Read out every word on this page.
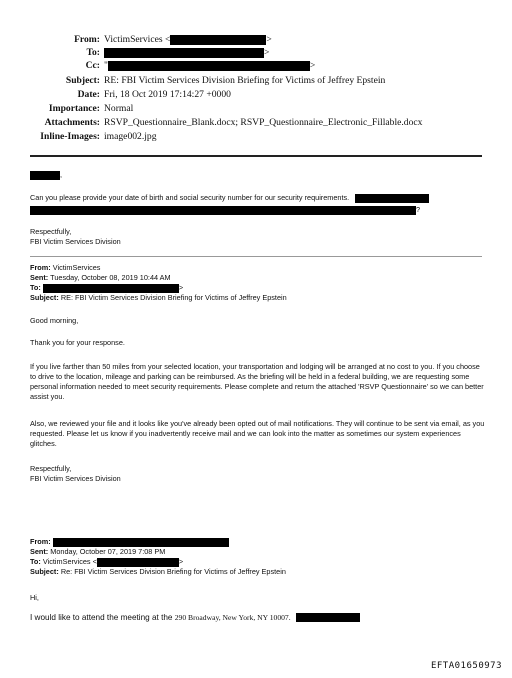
From: VictimServices <	>
To:	>
Cc: "	>
Subject: RE: FBI Victim Services Division Briefing for Victims of Jeffrey Epstein
Date: Fri, 18 Oct 2019 17:14:27 +0000
Importance: Normal
Attachments: RSVP_Questionnaire_Blank.docx; RSVP_Questionnaire_Electronic_Fillable.docx
Inline-Images: image002.jpg
,
Can you please provide your date of birth and social security number for our security requirements.
?
Respectfully,
FBI Victim Services Division
From: VictimServices
Sent: Tuesday, October 08, 2019 10:44 AM
To:	>
Subject: RE: FBI Victim Services Division Briefing for Victims of Jeffrey Epstein
Good morning,
Thank you for your response.
If you live farther than 50 miles from your selected location, your transportation and lodging will be arranged at no cost to you. If you choose to drive to the location, mileage and parking can be reimbursed. As the briefing will be held in a federal building, we are requesting some personal information needed to meet security requirements. Please complete and return the attached 'RSVP Questionnaire' so we can better assist you.
Also, we reviewed your file and it looks like you've already been opted out of mail notifications. They will continue to be sent via email, as you requested. Please let us know if you inadvertently receive mail and we can look into the matter as sometimes our system experiences glitches.
Respectfully,
FBI Victim Services Division
From:
Sent: Monday, October 07, 2019 7:08 PM
To: VictimServices <	>
Subject: Re: FBI Victim Services Division Briefing for Victims of Jeffrey Epstein
Hi,
I would like to attend the meeting at the 290 Broadway, New York, NY 10007.
EFTA01650973
